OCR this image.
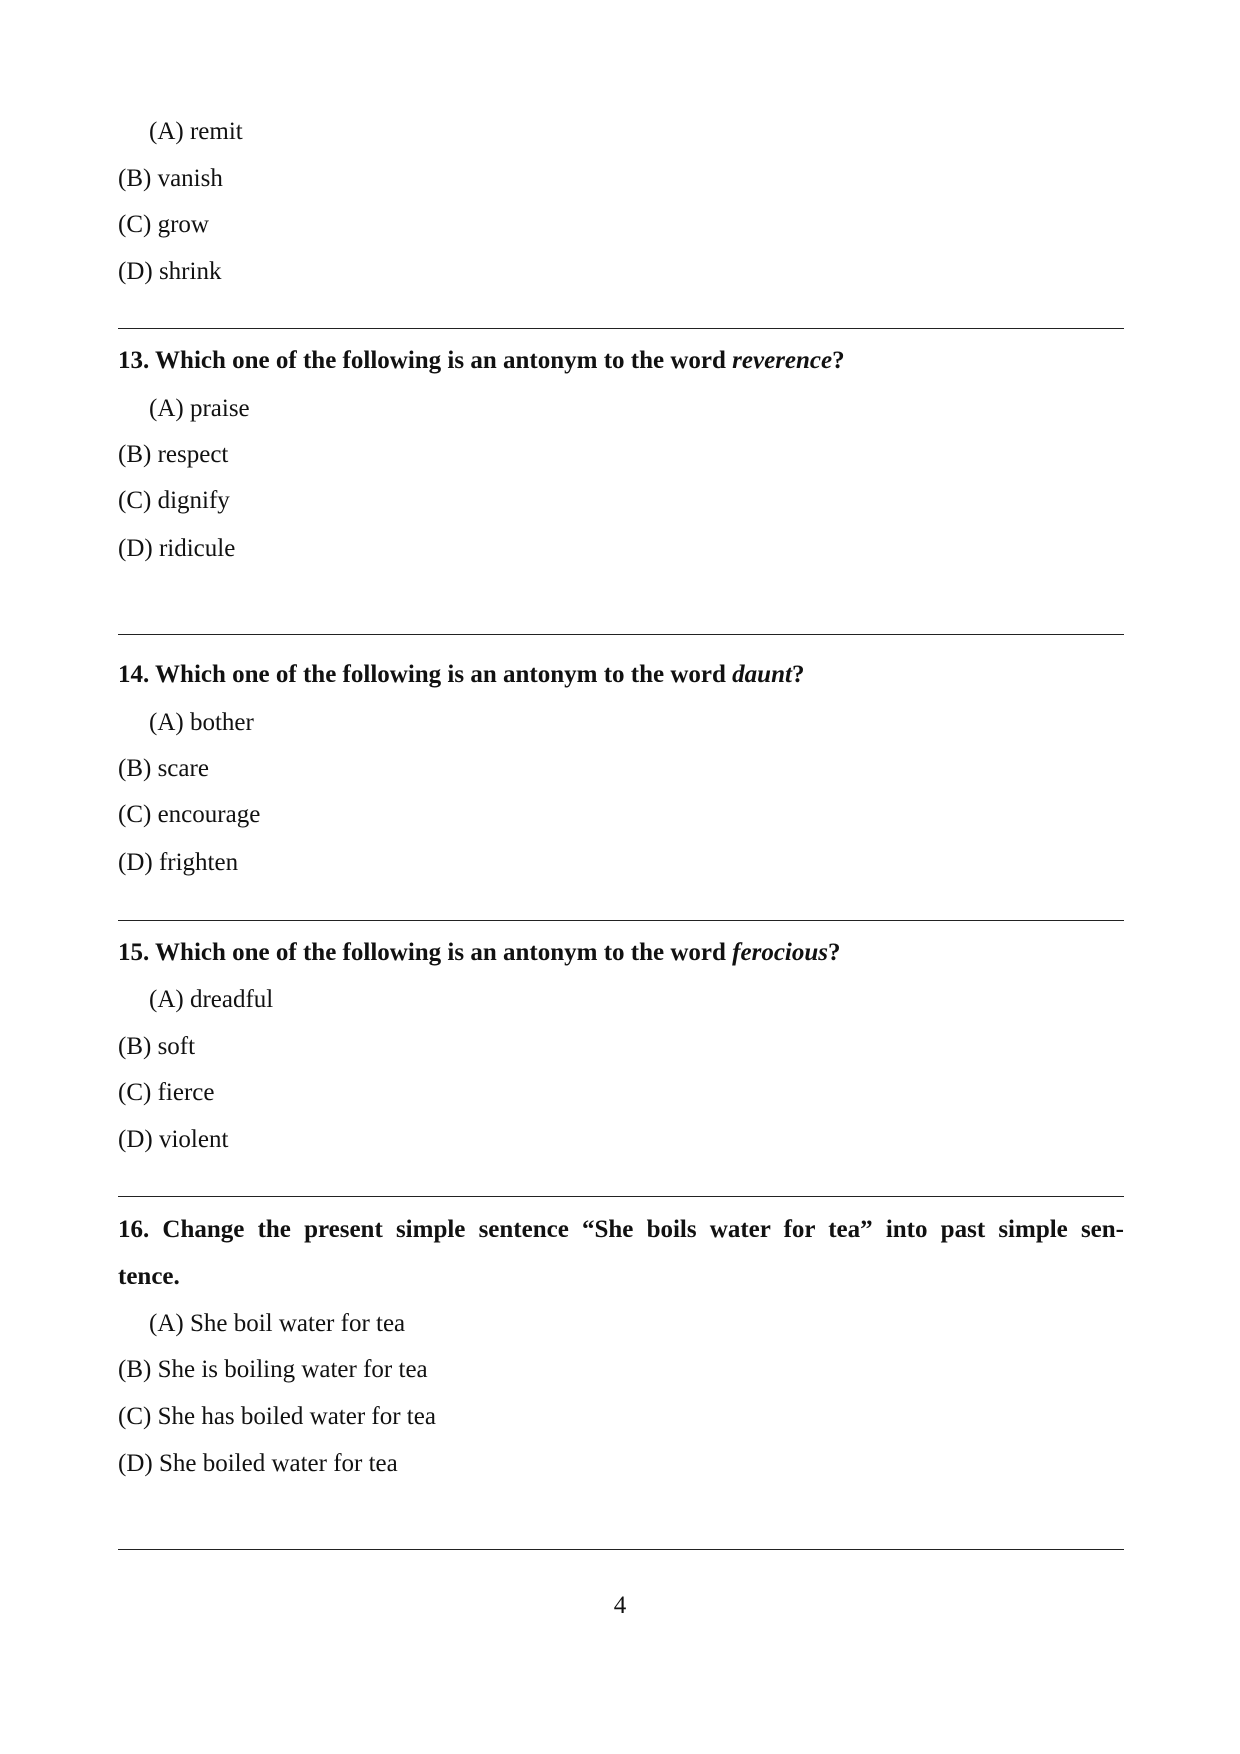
(A) remit
(B) vanish
(C) grow
(D) shrink
13. Which one of the following is an antonym to the word reverence?
(A) praise
(B) respect
(C) dignify
(D) ridicule
14. Which one of the following is an antonym to the word daunt?
(A) bother
(B) scare
(C) encourage
(D) frighten
15. Which one of the following is an antonym to the word ferocious?
(A) dreadful
(B) soft
(C) fierce
(D) violent
16. Change the present simple sentence “She boils water for tea” into past simple sen-
tence.
(A) She boil water for tea
(B) She is boiling water for tea
(C) She has boiled water for tea
(D) She boiled water for tea
4
